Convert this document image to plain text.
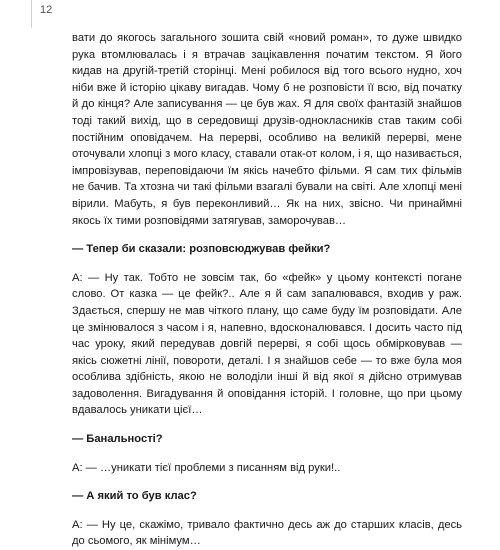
12

вати до якогось загального зошита свій «новий роман», то дуже швидко рука втомлювалась і я втрачав зацікавлення початим текстом. Я його кидав на другій-третій сторінці. Мені робилося від того всього нудно, хоч ніби вже й історію цікаву вигадав. Чому б не розповісти її всю, від початку й до кінця? Але записування — це був жах. Я для своїх фантазій знайшов тоді такий вихід, що в середовищі друзів-однокласників став таким собі постійним оповідачем. На перерві, особливо на великій перерві, мене оточували хлопці з мого класу, ставали отак-от колом, і я, що називається, імпровізував, переповідаючи їм якісь начебто фільми. Я сам тих фільмів не бачив. Та хтозна чи такі фільми взагалі бували на світі. Але хлопці мені вірили. Мабуть, я був переконливий… Як на них, звісно. Чи принаймні якось їх тими розповідями затягував, заморочував…

— Тепер би сказали: розповсюджував фейки?

А: — Ну так. Тобто не зовсім так, бо «фейк» у цьому контексті погане слово. От казка — це фейк?.. Але я й сам запалювався, входив у раж. Здається, спершу не мав чіткого плану, що саме буду їм розповідати. Але це змінювалося з часом і я, напевно, вдосконалювався. І досить часто під час уроку, який передував довгій перерві, я собі щось обмірковував — якісь сюжетні лінії, повороти, деталі. І я знайшов себе — то вже була моя особлива здібність, якою не володіли інші й від якої я дійсно отримував задоволення. Вигадування й оповідання історій. І головне, що при цьому вдавалось уникати цієї…

— Банальності?

А: — …уникати тієї проблеми з писанням від руки!..

— А який то був клас?

А: — Ну це, скажімо, тривало фактично десь аж до старших класів, десь до сьомого, як мінімум…
